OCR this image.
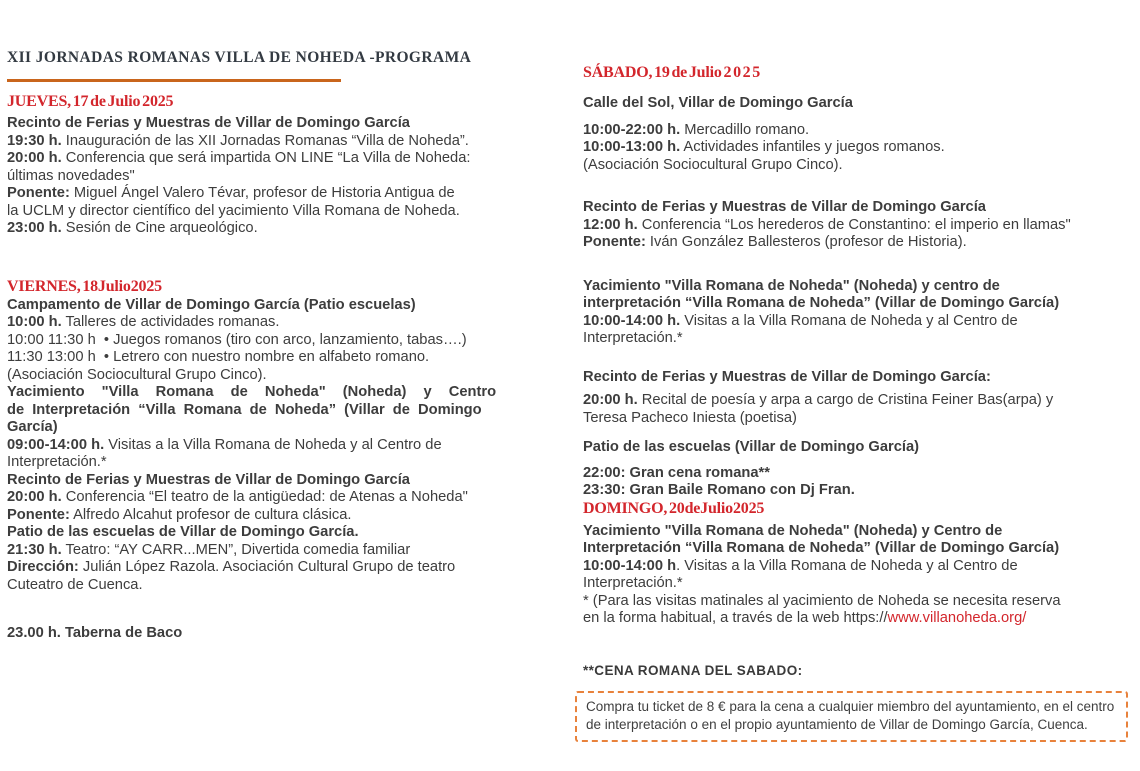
XII JORNADAS ROMANAS VILLA DE NOHEDA -PROGRAMA
JUEVES, 17 de Julio 2025
Recinto de Ferias y Muestras de Villar de Domingo García
19:30 h. Inauguración de las XII Jornadas Romanas “Villa de Noheda”.
20:00 h. Conferencia que será impartida ON LINE “La Villa de Noheda:
últimas novedades"
Ponente: Miguel Ángel Valero Tévar, profesor de Historia Antigua de
la UCLM y director científico del yacimiento Villa Romana de Noheda.
23:00 h. Sesión de Cine arqueológico.
VIERNES, 18Julio2025
Campamento de Villar de Domingo García (Patio escuelas)
10:00 h. Talleres de actividades romanas.
10:00 11:30 h  • Juegos romanos (tiro con arco, lanzamiento, tabas….)
11:30 13:00 h  • Letrero con nuestro nombre en alfabeto romano.
(Asociación Sociocultural Grupo Cinco).
Yacimiento "Villa Romana de Noheda" (Noheda) y Centro
de Interpretación “Villa Romana de Noheda” (Villar de Domingo
García)
09:00-14:00 h. Visitas a la Villa Romana de Noheda y al Centro de
Interpretación.*
Recinto de Ferias y Muestras de Villar de Domingo García
20:00 h. Conferencia “El teatro de la antigüedad: de Atenas a Noheda"
Ponente: Alfredo Alcahut profesor de cultura clásica.
Patio de las escuelas de Villar de Domingo García.
21:30 h. Teatro: “AY CARR...MEN”, Divertida comedia familiar
Dirección: Julián López Razola. Asociación Cultural Grupo de teatro
Cuteatro de Cuenca.
23.00 h. Taberna de Baco
SÁBADO, 19 de Julio 2 0 2 5
Calle del Sol, Villar de Domingo García
10:00-22:00 h. Mercadillo romano.
10:00-13:00 h. Actividades infantiles y juegos romanos.
(Asociación Sociocultural Grupo Cinco).
Recinto de Ferias y Muestras de Villar de Domingo García
12:00 h. Conferencia “Los herederos de Constantino: el imperio en llamas"
Ponente: Iván González Ballesteros (profesor de Historia).
Yacimiento "Villa Romana de Noheda" (Noheda) y centro de
interpretación “Villa Romana de Noheda” (Villar de Domingo García)
10:00-14:00 h. Visitas a la Villa Romana de Noheda y al Centro de
Interpretación.*
Recinto de Ferias y Muestras de Villar de Domingo García:
20:00 h. Recital de poesía y arpa a cargo de Cristina Feiner Bas(arpa) y
Teresa Pacheco Iniesta (poetisa)
Patio de las escuelas (Villar de Domingo García)
22:00: Gran cena romana**
23:30: Gran Baile Romano con Dj Fran.
DOMINGO, 20deJulio2025
Yacimiento "Villa Romana de Noheda" (Noheda) y Centro de
Interpretación “Villa Romana de Noheda” (Villar de Domingo García)
10:00-14:00 h. Visitas a la Villa Romana de Noheda y al Centro de
Interpretación.*
* (Para las visitas matinales al yacimiento de Noheda se necesita reserva
en la forma habitual, a través de la web https://www.villanoheda.org/
**CENA ROMANA DEL SABADO:
Compra tu ticket de 8 € para la cena a cualquier miembro del ayuntamiento, en el centro
de interpretación o en el propio ayuntamiento de Villar de Domingo García, Cuenca.
